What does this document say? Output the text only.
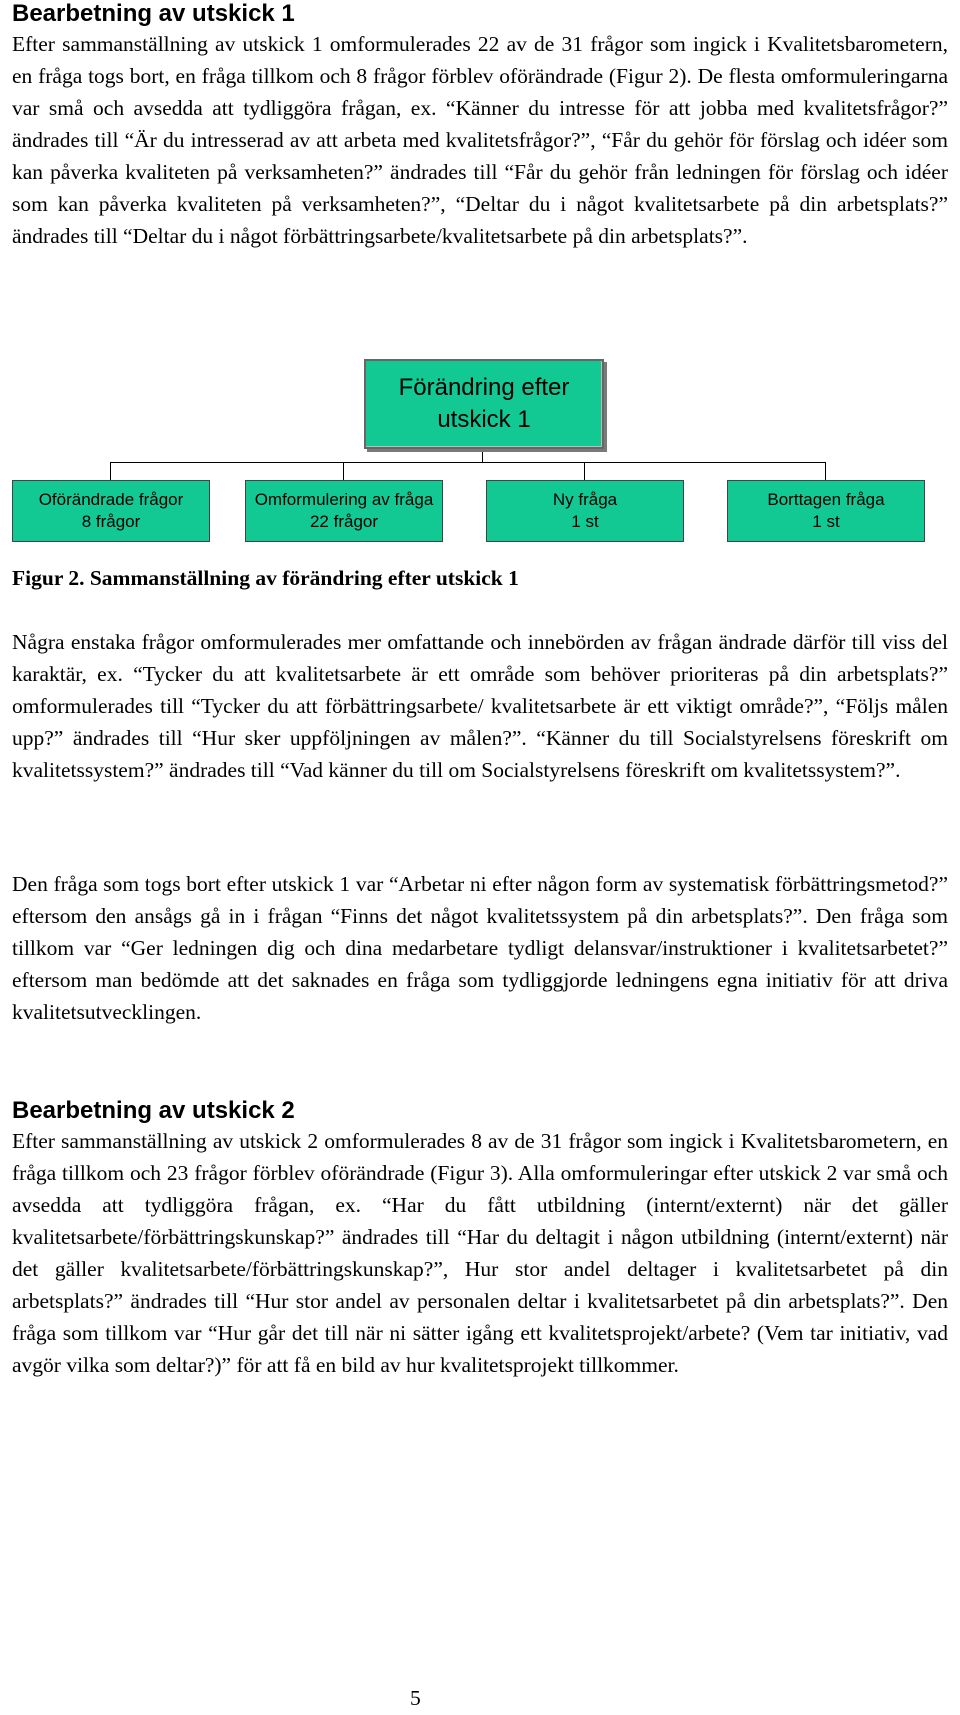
Bearbetning av utskick 1

Efter sammanställning av utskick 1 omformulerades 22 av de 31 frågor som ingick i Kvalitetsbarometern, en fråga togs bort, en fråga tillkom och 8 frågor förblev oförändrade (Figur 2). De flesta omformuleringarna var små och avsedda att tydliggöra frågan, ex. “Känner du intresse för att jobba med kvalitetsfrågor?” ändrades till “Är du intresserad av att arbeta med kvalitetsfrågor?”, “Får du gehör för förslag och idéer som kan påverka kvaliteten på verksamheten?” ändrades till “Får du gehör från ledningen för förslag och idéer som kan påverka kvaliteten på verksamheten?”, “Deltar du i något kvalitetsarbete på din arbetsplats?” ändrades till “Deltar du i något förbättringsarbete/kvalitetsarbete på din arbetsplats?”.

Förändring efter
utskick 1
Oförändrade frågor
8 frågor
Omformulering av fråga
22 frågor
Ny fråga
1 st
Borttagen fråga
1 st
Figur 2. Sammanställning av förändring efter utskick 1

Några enstaka frågor omformulerades mer omfattande och innebörden av frågan ändrade därför till viss del karaktär, ex. “Tycker du att kvalitetsarbete är ett område som behöver prioriteras på din arbetsplats?” omformulerades till “Tycker du att förbättringsarbete/ kvalitetsarbete är ett viktigt område?”, “Följs målen upp?” ändrades till “Hur sker uppföljningen av målen?”. “Känner du till Socialstyrelsens föreskrift om kvalitetssystem?” ändrades till “Vad känner du till om Socialstyrelsens föreskrift om kvalitetssystem?”.

Den fråga som togs bort efter utskick 1 var “Arbetar ni efter någon form av systematisk förbättringsmetod?” eftersom den ansågs gå in i frågan “Finns det något kvalitetssystem på din arbetsplats?”. Den fråga som tillkom var “Ger ledningen dig och dina medarbetare tydligt delansvar/instruktioner i kvalitetsarbetet?” eftersom man bedömde att det saknades en fråga som tydliggjorde ledningens egna initiativ för att driva kvalitetsutvecklingen.

Bearbetning av utskick 2

Efter sammanställning av utskick 2 omformulerades 8 av de 31 frågor som ingick i Kvalitetsbarometern, en fråga tillkom och 23 frågor förblev oförändrade (Figur 3). Alla omformuleringar efter utskick 2 var små och avsedda att tydliggöra frågan, ex. “Har du fått utbildning (internt/externt) när det gäller kvalitetsarbete/förbättringskunskap?” ändrades till “Har du deltagit i någon utbildning (internt/externt) när det gäller kvalitetsarbete/förbättringskunskap?”, Hur stor andel deltager i kvalitetsarbetet på din arbetsplats?” ändrades till “Hur stor andel av personalen deltar i kvalitetsarbetet på din arbetsplats?”. Den fråga som tillkom var “Hur går det till när ni sätter igång ett kvalitetsprojekt/arbete? (Vem tar initiativ, vad avgör vilka som deltar?)” för att få en bild av hur kvalitetsprojekt tillkommer.

5
